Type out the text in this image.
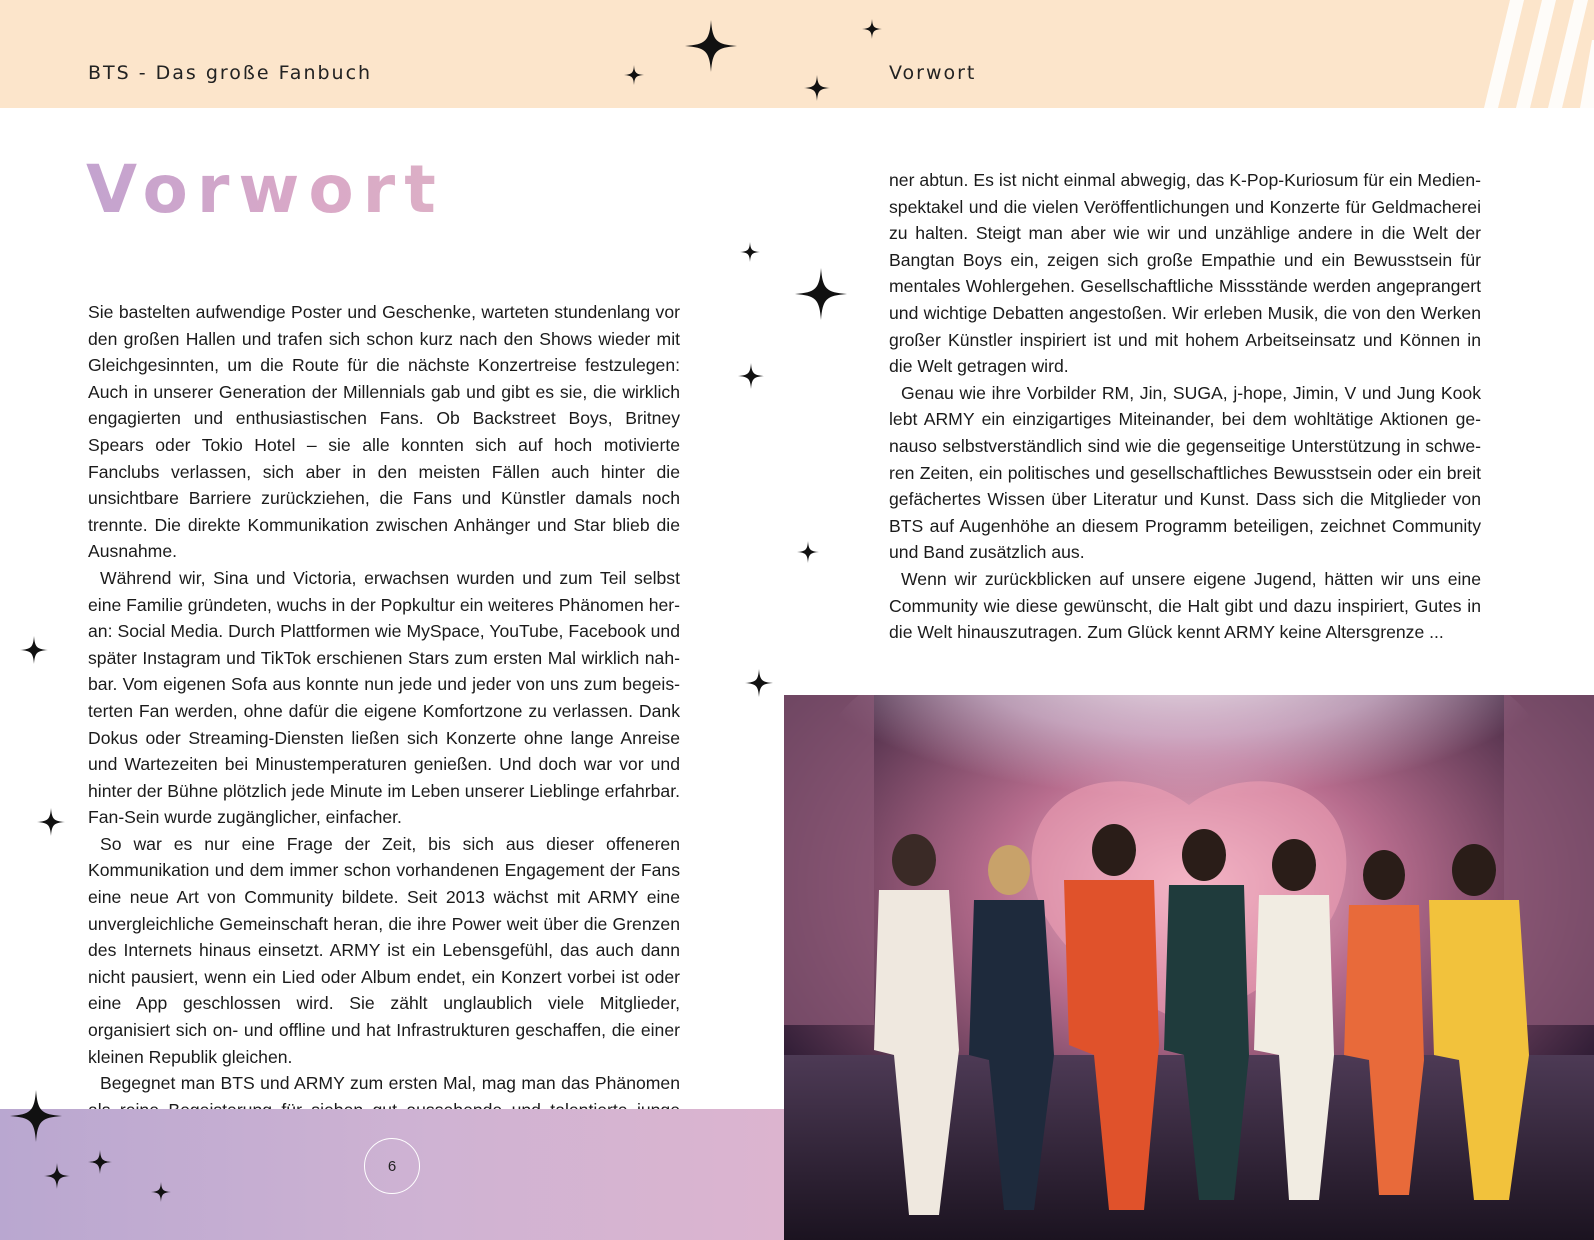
BTS - Das große Fanbuch	Vorwort
Vorwort

Sie bastelten aufwendige Poster und Geschenke, warteten stundenlang vor den großen Hallen und trafen sich schon kurz nach den Shows wieder mit Gleichgesinnten, um die Route für die nächste Konzertreise festzulegen: Auch in unserer Generation der Millennials gab und gibt es sie, die wirklich engagierten und enthusiastischen Fans. Ob Backstreet Boys, Britney Spears oder Tokio Hotel – sie alle konnten sich auf hoch motivierte Fanclubs verlassen, sich aber in den meisten Fällen auch hinter die unsichtbare Barriere zurückziehen, die Fans und Künstler damals noch trennte. Die direkte Kommunikation zwischen Anhänger und Star blieb die Ausnahme.

Während wir, Sina und Victoria, erwachsen wurden und zum Teil selbst eine Familie gründeten, wuchs in der Popkultur ein weiteres Phänomen heran: Social Media. Durch Plattformen wie MySpace, YouTube, Facebook und später Instagram und TikTok erschienen Stars zum ersten Mal wirklich nahbar. Vom eigenen Sofa aus konnte nun jede und jeder von uns zum begeisterten Fan werden, ohne dafür die eigene Komfortzone zu verlassen. Dank Dokus oder Streaming-Diensten ließen sich Konzerte ohne lange Anreise und Wartezeiten bei Minustemperaturen genießen. Und doch war vor und hinter der Bühne plötzlich jede Minute im Leben unserer Lieblinge erfahrbar. Fan-Sein wurde zugänglicher, einfacher.

So war es nur eine Frage der Zeit, bis sich aus dieser offeneren Kommunikation und dem immer schon vorhandenen Engagement der Fans eine neue Art von Community bildete. Seit 2013 wächst mit ARMY eine unvergleichliche Gemeinschaft heran, die ihre Power weit über die Grenzen des Internets hinaus einsetzt. ARMY ist ein Lebensgefühl, das auch dann nicht pausiert, wenn ein Lied oder Album endet, ein Konzert vorbei ist oder eine App geschlossen wird. Sie zählt unglaublich viele Mitglieder, organisiert sich on- und offline und hat Infrastrukturen geschaffen, die einer kleinen Republik gleichen.

Begegnet man BTS und ARMY zum ersten Mal, mag man das Phänomen

ner abtun. Es ist nicht einmal abwegig, das K-Pop-Kuriosum für ein Medienspektakel und die vielen Veröffentlichungen und Konzerte für Geldmacherei zu halten. Steigt man aber wie wir und unzählige andere in die Welt der Bangtan Boys ein, zeigen sich große Empathie und ein Bewusstsein für mentales Wohlergehen. Gesellschaftliche Missstände werden angeprangert und wichtige Debatten angestoßen. Wir erleben Musik, die von den Werken großer Künstler inspiriert ist und mit hohem Arbeitseinsatz und Können in die Welt getragen wird.

Genau wie ihre Vorbilder RM, Jin, SUGA, j-hope, Jimin, V und Jung Kook lebt ARMY ein einzigartiges Miteinander, bei dem wohltätige Aktionen genauso selbstverständlich sind wie die gegenseitige Unterstützung in schweren Zeiten, ein politisches und gesellschaftliches Bewusstsein oder ein breit gefächertes Wissen über Literatur und Kunst. Dass sich die Mitglieder von BTS auf Augenhöhe an diesem Programm beteiligen, zeichnet Community und Band zusätzlich aus.

Wenn wir zurückblicken auf unsere eigene Jugend, hätten wir uns eine Community wie diese gewünscht, die Halt gibt und dazu inspiriert, Gutes in die Welt hinauszutragen. Zum Glück kennt ARMY keine Altersgrenze ...

6
